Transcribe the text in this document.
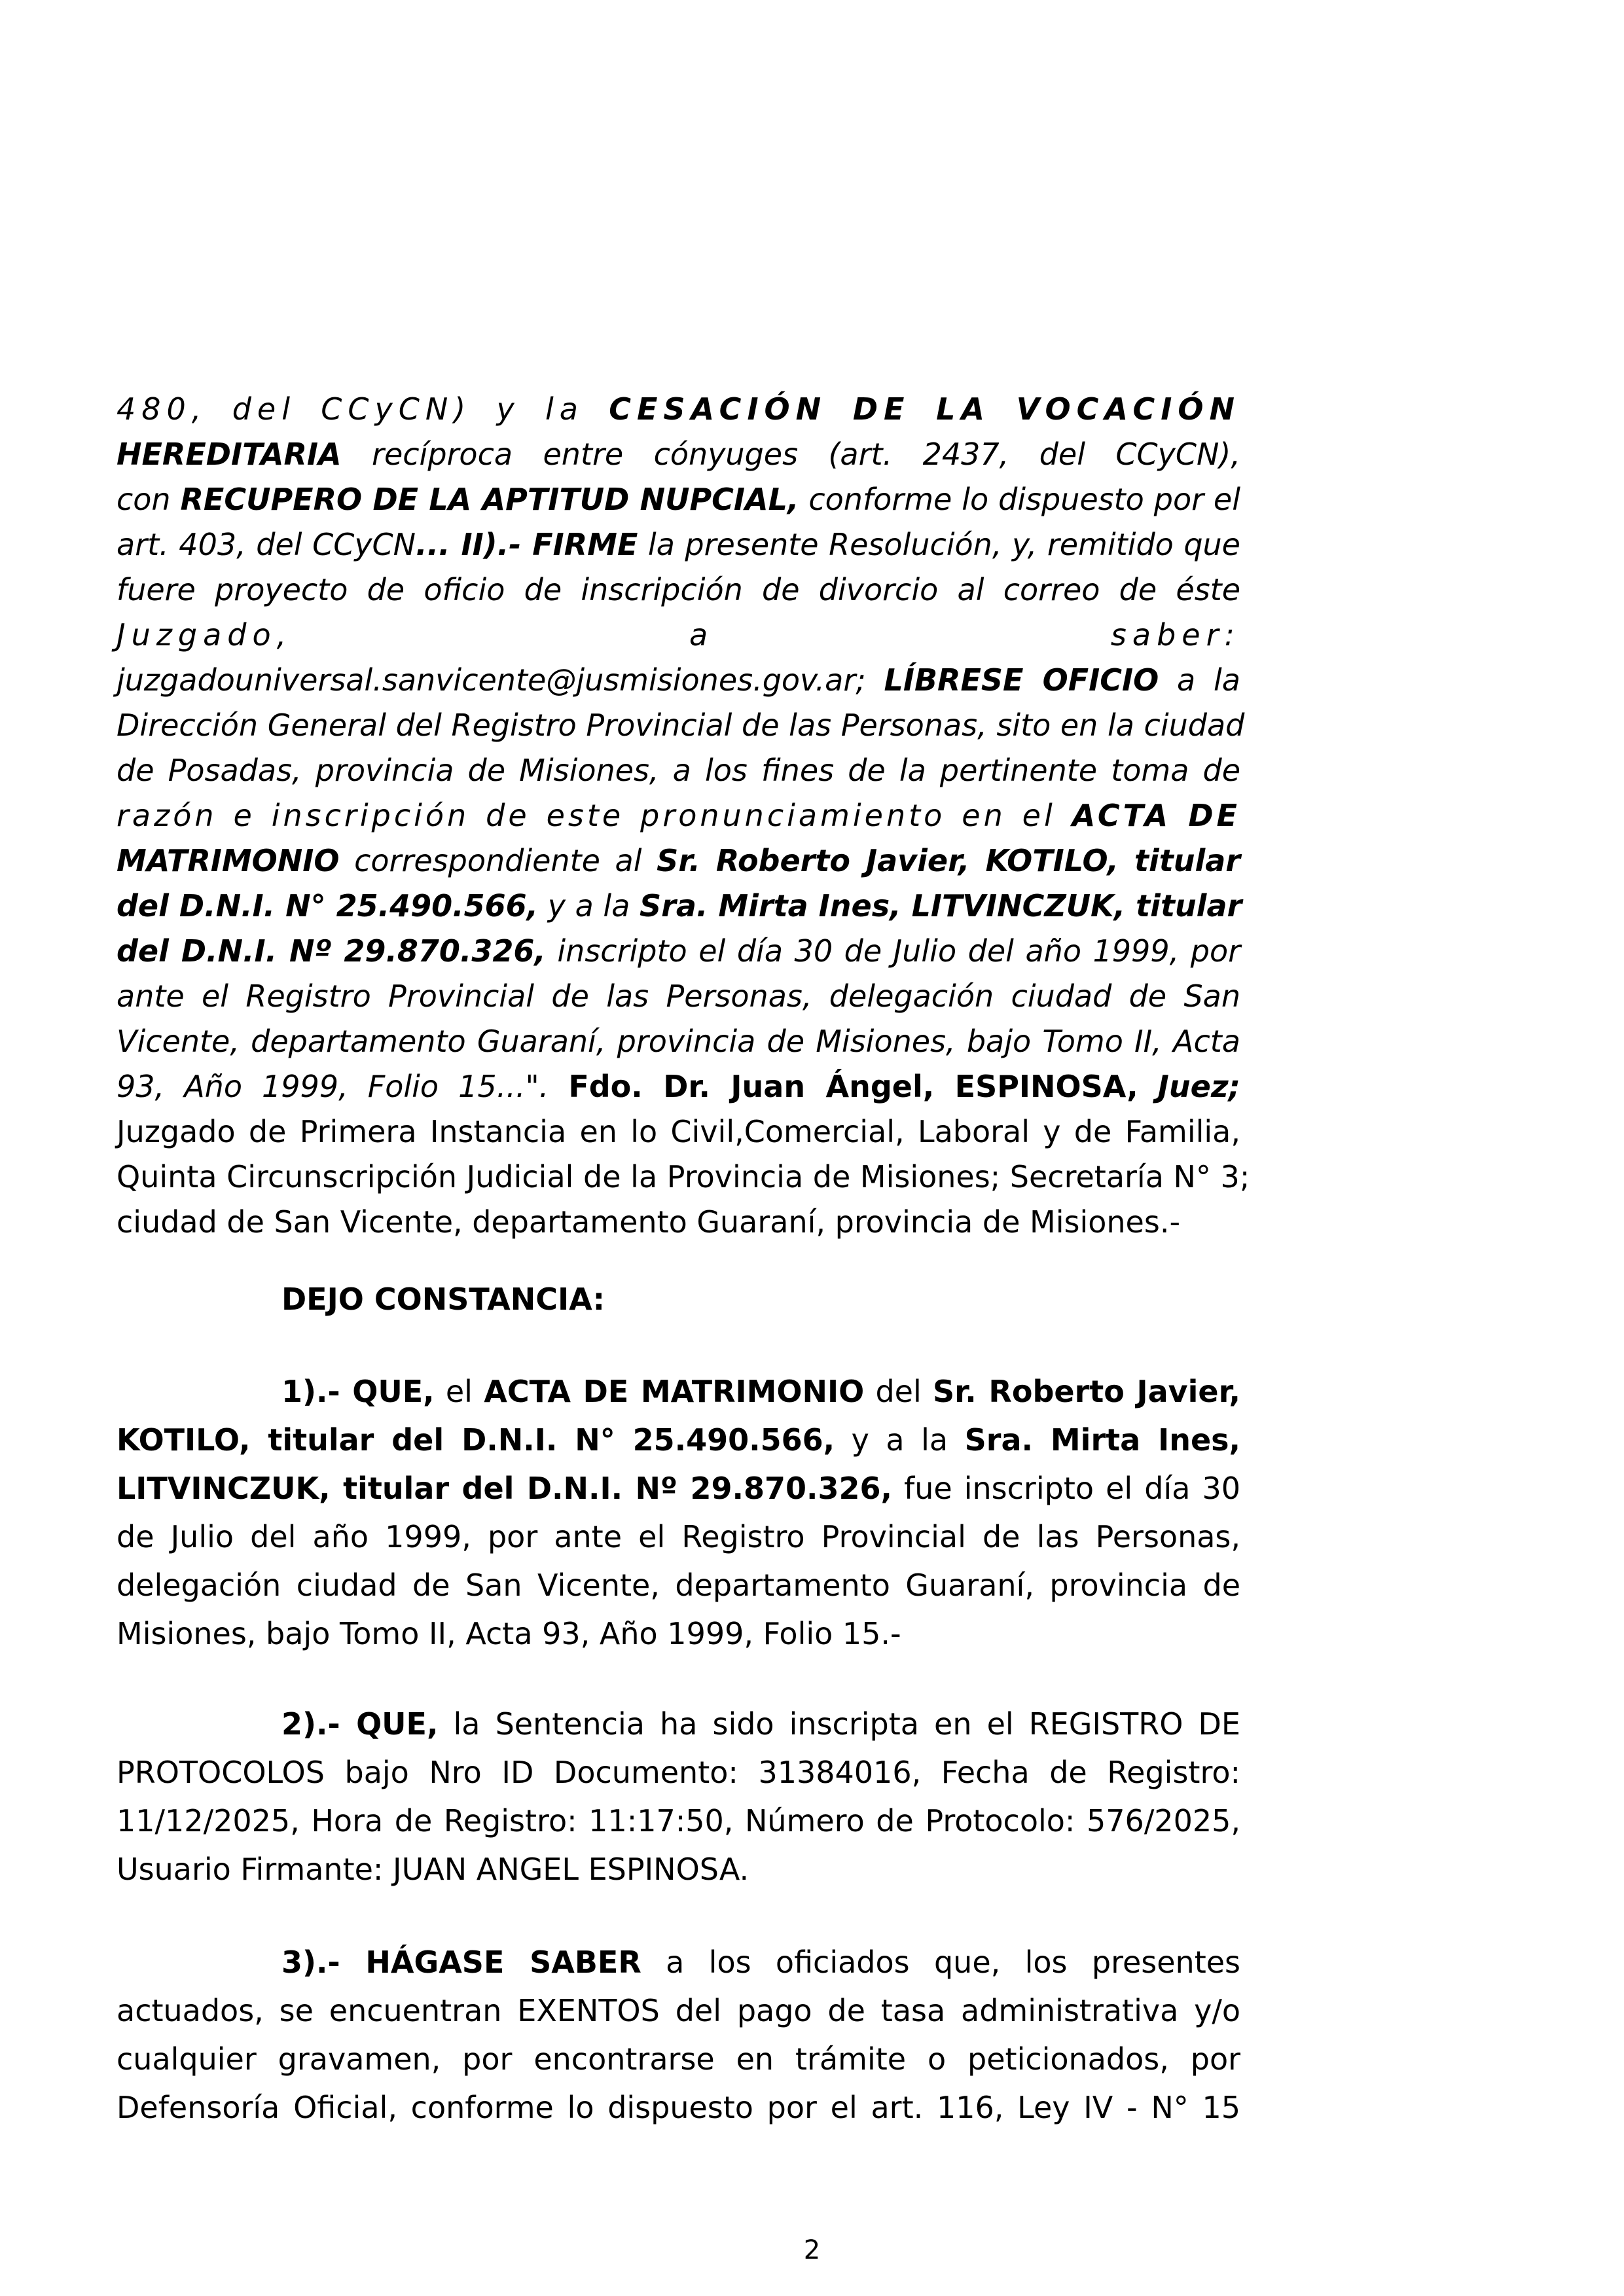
480, del CCyCN) y la CESACIÓN DE LA VOCACIÓN
HEREDITARIA recíproca entre cónyuges (art. 2437, del CCyCN),
con RECUPERO DE LA APTITUD NUPCIAL, conforme lo dispuesto por el
art. 403, del CCyCN... II).- FIRME la presente Resolución, y, remitido que
fuere proyecto de oficio de inscripción de divorcio al correo de éste
Juzgado,	a	saber:
juzgadouniversal.sanvicente@jusmisiones.gov.ar; LÍBRESE OFICIO a la
Dirección General del Registro Provincial de las Personas, sito en la ciudad
de Posadas, provincia de Misiones, a los fines de la pertinente toma de
razón e inscripción de este pronunciamiento en el ACTA DE
MATRIMONIO correspondiente al Sr. Roberto Javier, KOTILO, titular
del D.N.I. N° 25.490.566, y a la Sra. Mirta Ines, LITVINCZUK, titular
del D.N.I. Nº 29.870.326, inscripto el día 30 de Julio del año 1999, por
ante el Registro Provincial de las Personas, delegación ciudad de San
Vicente, departamento Guaraní, provincia de Misiones, bajo Tomo II, Acta
93, Año 1999, Folio 15...". Fdo. Dr. Juan Ángel, ESPINOSA, Juez;
Juzgado de Primera Instancia en lo Civil,Comercial, Laboral y de Familia,
Quinta Circunscripción Judicial de la Provincia de Misiones; Secretaría N° 3;
ciudad de San Vicente, departamento Guaraní, provincia de Misiones.-
DEJO CONSTANCIA:
1).- QUE, el ACTA DE MATRIMONIO del Sr. Roberto Javier,
KOTILO, titular del D.N.I. N° 25.490.566, y a la Sra. Mirta Ines,
LITVINCZUK, titular del D.N.I. Nº 29.870.326, fue inscripto el día 30
de Julio del año 1999, por ante el Registro Provincial de las Personas,
delegación ciudad de San Vicente, departamento Guaraní, provincia de
Misiones, bajo Tomo II, Acta 93, Año 1999, Folio 15.-
2).- QUE, la Sentencia ha sido inscripta en el REGISTRO DE
PROTOCOLOS bajo Nro ID Documento: 31384016, Fecha de Registro:
11/12/2025, Hora de Registro: 11:17:50, Número de Protocolo: 576/2025,
Usuario Firmante: JUAN ANGEL ESPINOSA.
3).- HÁGASE SABER a los oficiados que, los presentes
actuados, se encuentran EXENTOS del pago de tasa administrativa y/o
cualquier gravamen, por encontrarse en trámite o peticionados, por
Defensoría Oficial, conforme lo dispuesto por el art. 116, Ley IV - N° 15
2
